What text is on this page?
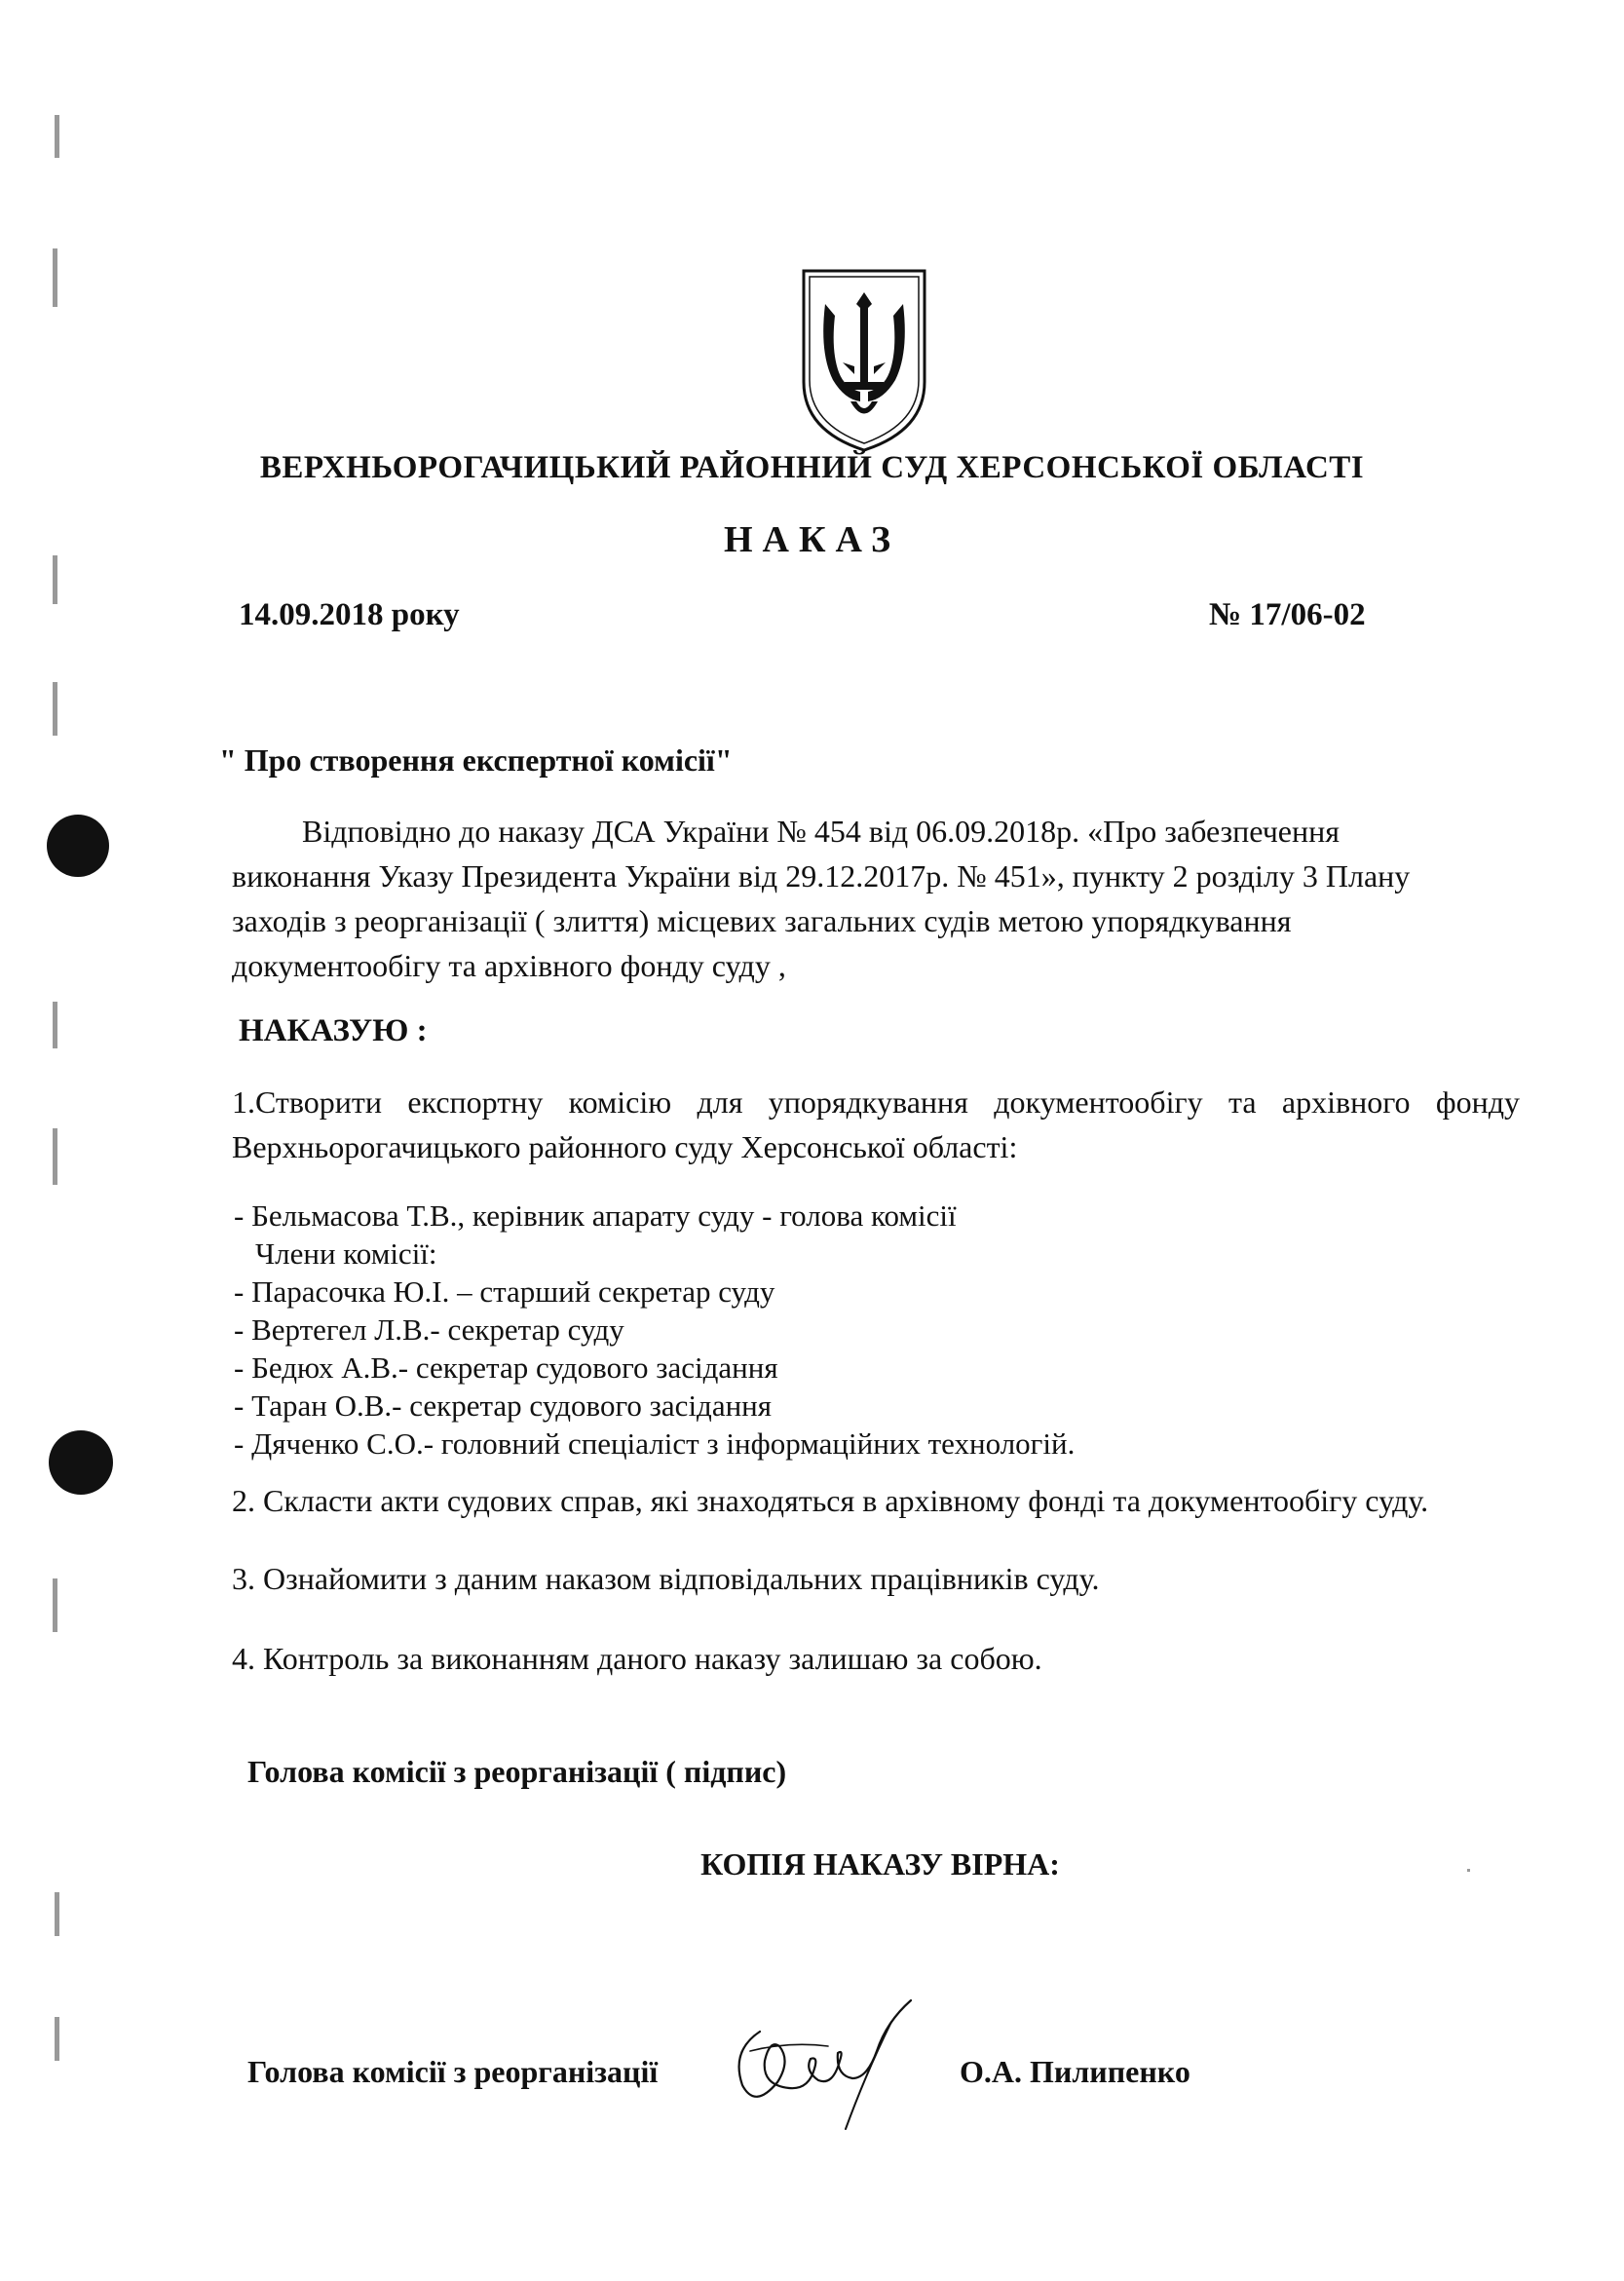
ВЕРХНЬОРОГАЧИЦЬКИЙ РАЙОННИЙ СУД ХЕРСОНСЬКОЇ ОБЛАСТІ
НАКАЗ
14.09.2018 року	№ 17/06-02
" Про створення експертної комісії"

Відповідно до наказу ДСА України № 454 від 06.09.2018р. «Про забезпечення

виконання Указу Президента України від 29.12.2017р. № 451», пункту 2 розділу 3 Плану

заходів з реорганізації ( злиття) місцевих загальних судів метою упорядкування

документообігу та архівного фонду суду ,

НАКАЗУЮ :
1.Створити експортну комісію для упорядкування документообігу та архівного фонду Верхньорогачицького районного суду Херсонської області:
- Бельмасова Т.В., керівник апарату суду - голова комісії
Члени комісії:
- Парасочка Ю.І. – старший секретар суду
- Вертегел Л.В.- секретар суду
- Бедюх А.В.- секретар судового засідання
- Таран О.В.- секретар судового засідання
- Дяченко С.О.- головний спеціаліст з інформаційних технологій.
2. Скласти акти судових справ, які знаходяться в архівному фонді та документообігу суду.
3. Ознайомити з даним наказом відповідальних працівників суду.
4. Контроль за виконанням даного наказу залишаю за собою.
Голова комісії з реорганізації ( підпис)
КОПІЯ НАКАЗУ ВІРНА:
Голова комісії з реорганізації	О.А. Пилипенко
